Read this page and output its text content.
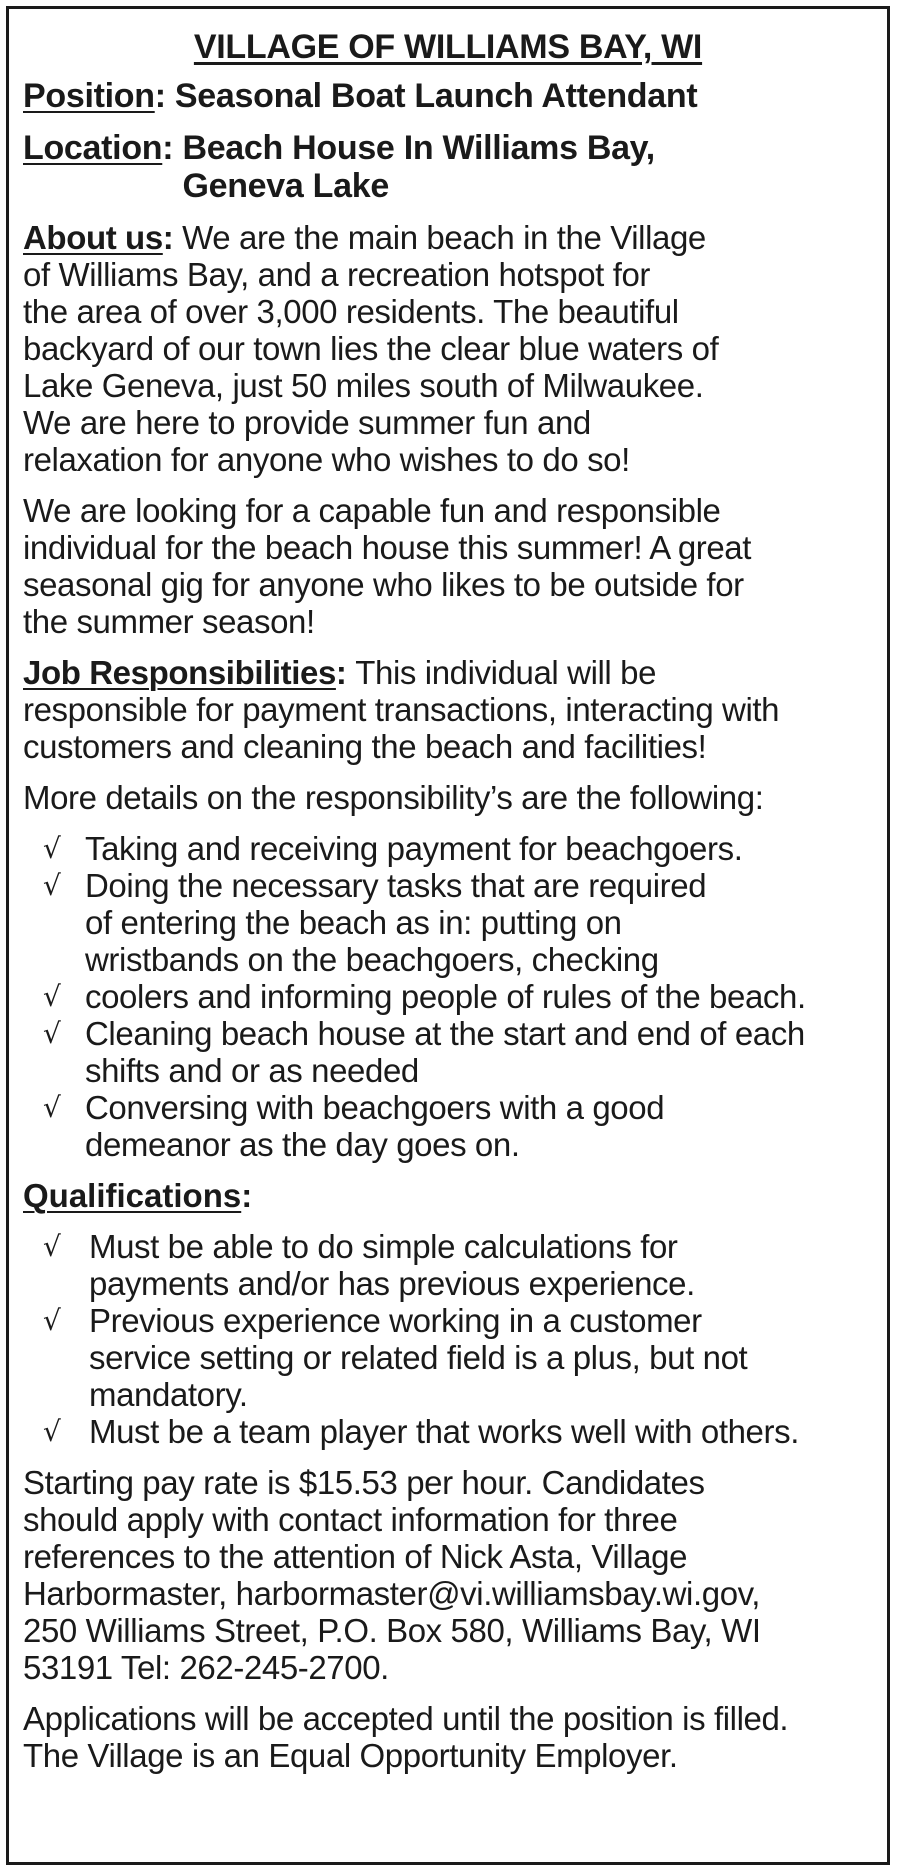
VILLAGE OF WILLIAMS BAY, WI
Position: Seasonal Boat Launch Attendant
Location: Beach House In Williams Bay,
Geneva Lake
About us: We are the main beach in the Village
of Williams Bay, and a recreation hotspot for
the area of over 3,000 residents. The beautiful
backyard of our town lies the clear blue waters of
Lake Geneva, just 50 miles south of Milwaukee.
We are here to provide summer fun and
relaxation for anyone who wishes to do so!
We are looking for a capable fun and responsible
individual for the beach house this summer! A great
seasonal gig for anyone who likes to be outside for
the summer season!
Job Responsibilities: This individual will be
responsible for payment transactions, interacting with
customers and cleaning the beach and facilities!
More details on the responsibility’s are the following:
√ Taking and receiving payment for beachgoers.
√ Doing the necessary tasks that are required
of entering the beach as in: putting on
wristbands on the beachgoers, checking
√ coolers and informing people of rules of the beach.
√ Cleaning beach house at the start and end of each
shifts and or as needed
√ Conversing with beachgoers with a good
demeanor as the day goes on.
Qualifications:
√ Must be able to do simple calculations for
payments and/or has previous experience.
√ Previous experience working in a customer
service setting or related field is a plus, but not
mandatory.
√ Must be a team player that works well with others.
Starting pay rate is $15.53 per hour. Candidates
should apply with contact information for three
references to the attention of Nick Asta, Village
Harbormaster, harbormaster@vi.williamsbay.wi.gov,
250 Williams Street, P.O. Box 580, Williams Bay, WI
53191 Tel: 262-245-2700.
Applications will be accepted until the position is filled.
The Village is an Equal Opportunity Employer.
